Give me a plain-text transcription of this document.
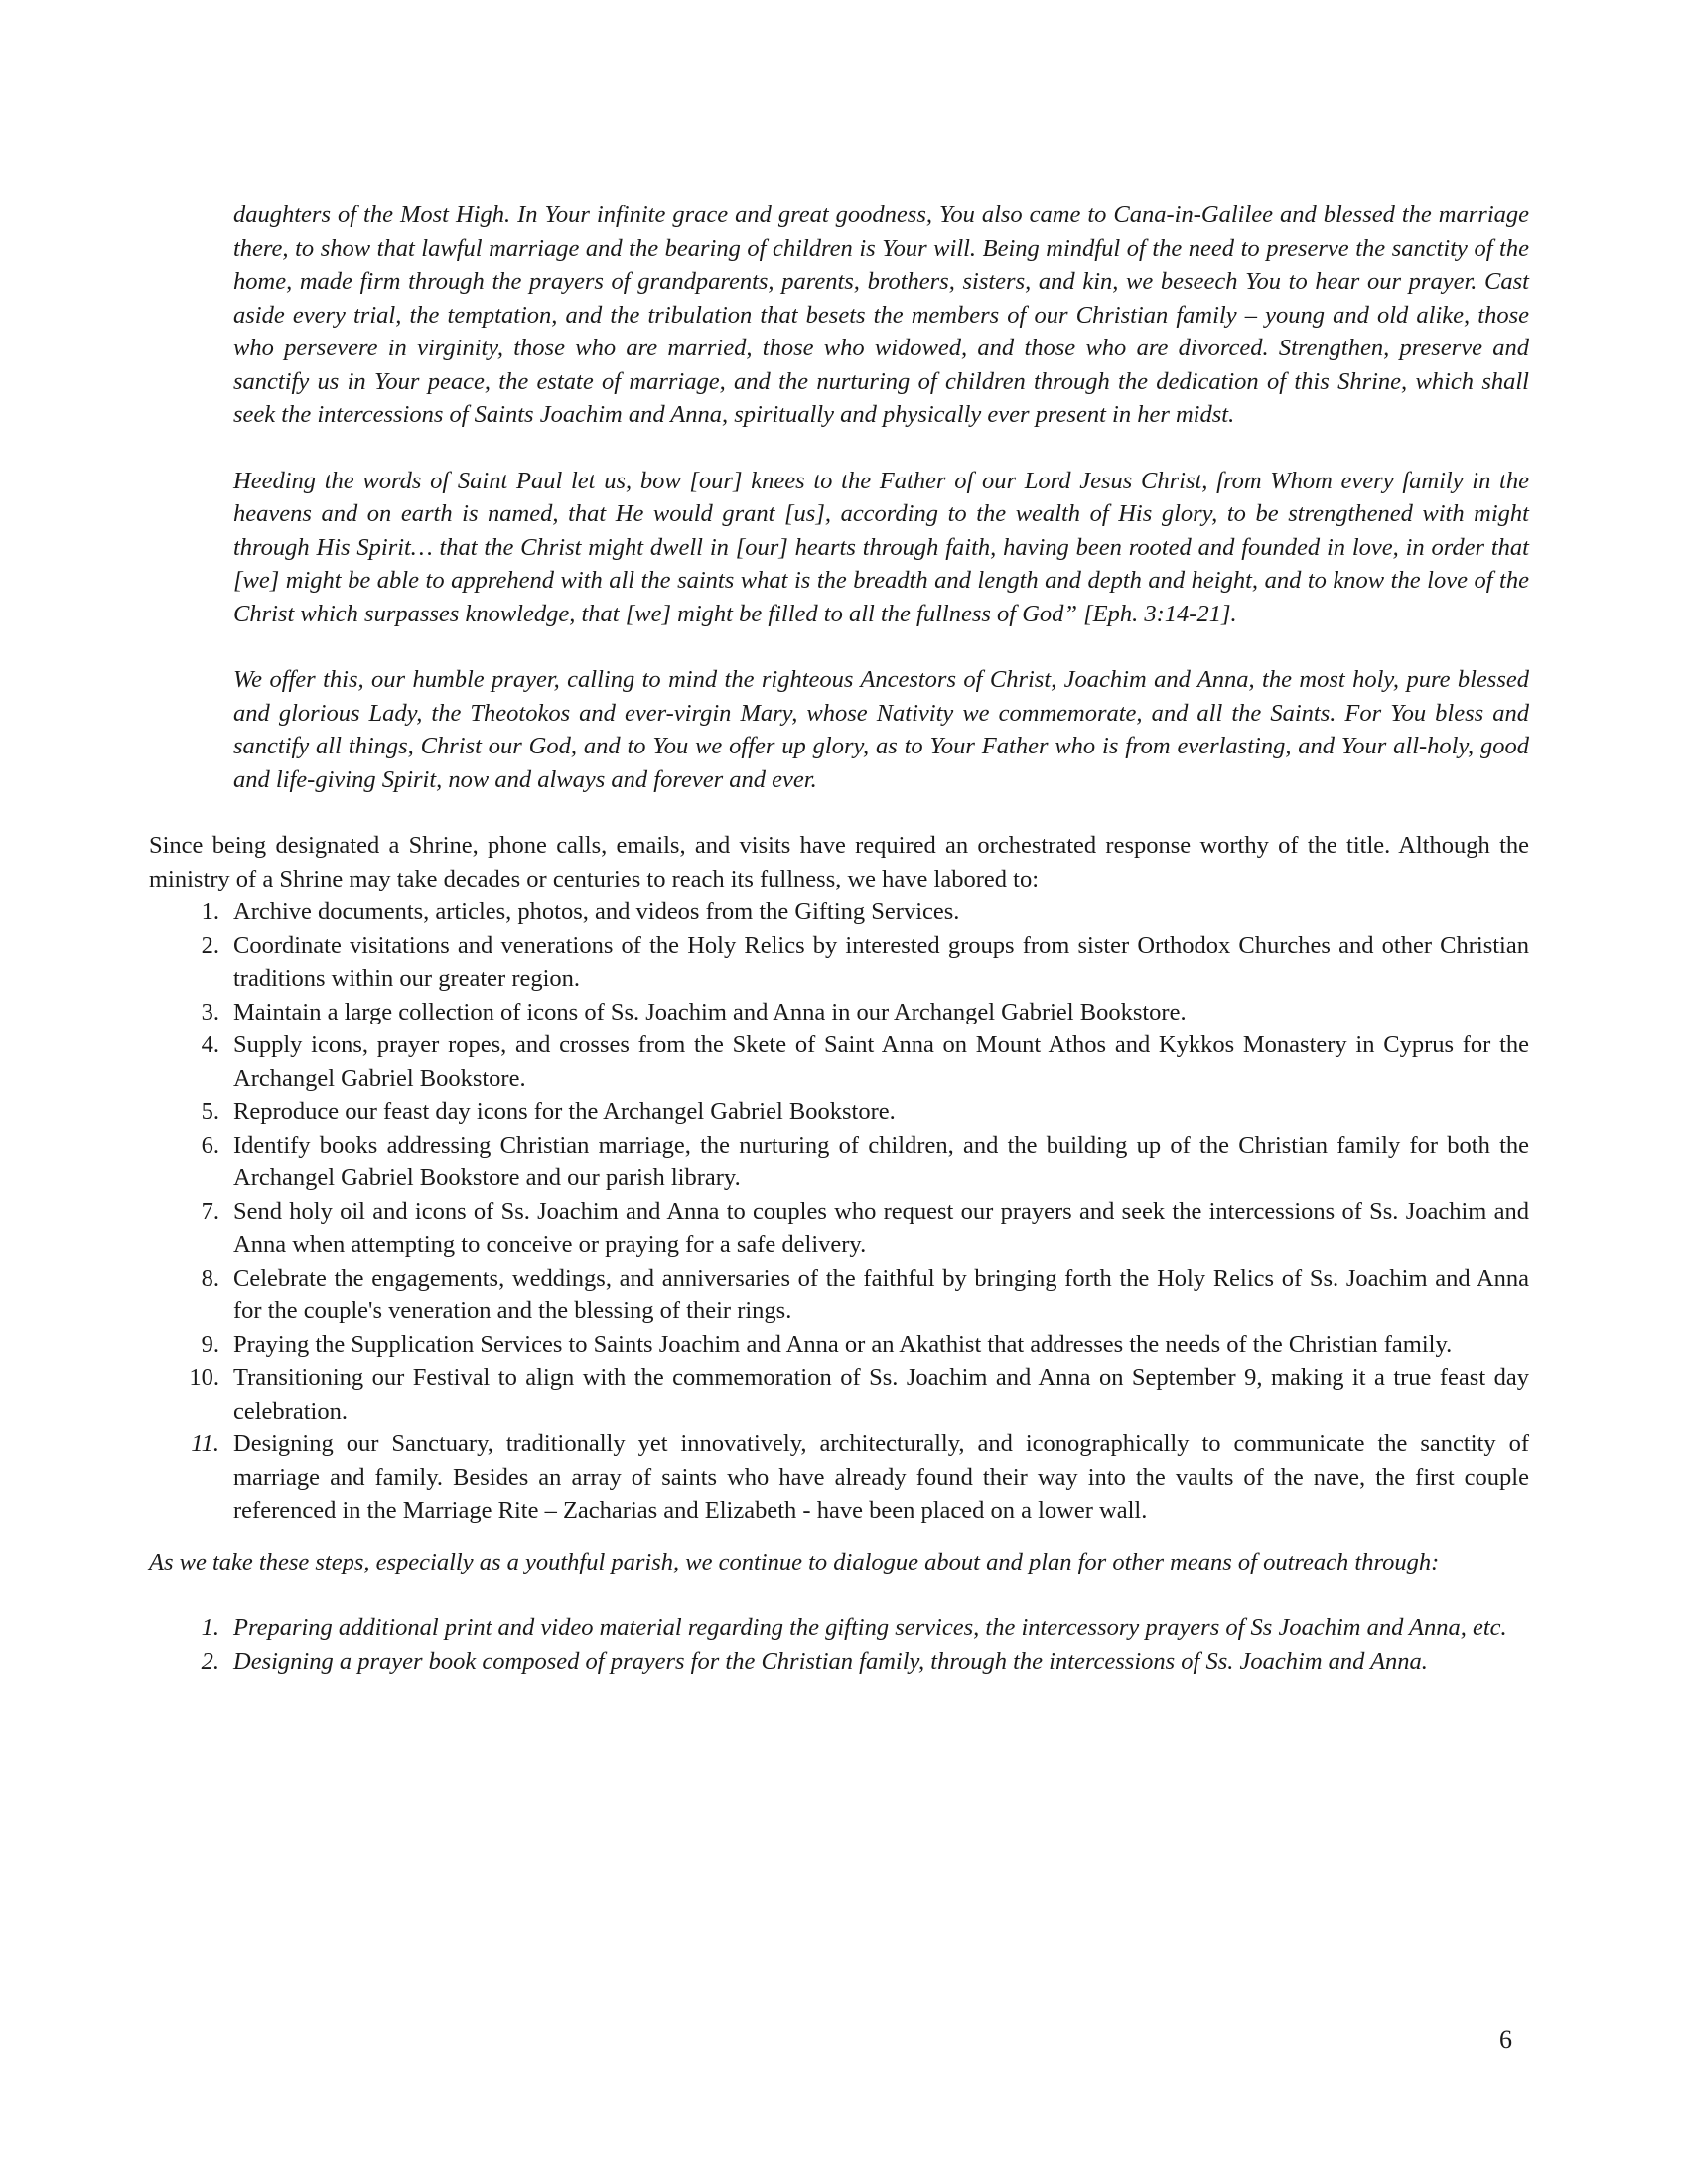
daughters of the Most High. In Your infinite grace and great goodness, You also came to Cana-in-Galilee and blessed the marriage there, to show that lawful marriage and the bearing of children is Your will. Being mindful of the need to preserve the sanctity of the home, made firm through the prayers of grandparents, parents, brothers, sisters, and kin, we beseech You to hear our prayer. Cast aside every trial, the temptation, and the tribulation that besets the members of our Christian family – young and old alike, those who persevere in virginity, those who are married, those who widowed, and those who are divorced. Strengthen, preserve and sanctify us in Your peace, the estate of marriage, and the nurturing of children through the dedication of this Shrine, which shall seek the intercessions of Saints Joachim and Anna, spiritually and physically ever present in her midst.

Heeding the words of Saint Paul let us, bow [our] knees to the Father of our Lord Jesus Christ, from Whom every family in the heavens and on earth is named, that He would grant [us], according to the wealth of His glory, to be strengthened with might through His Spirit… that the Christ might dwell in [our] hearts through faith, having been rooted and founded in love, in order that [we] might be able to apprehend with all the saints what is the breadth and length and depth and height, and to know the love of the Christ which surpasses knowledge, that [we] might be filled to all the fullness of God” [Eph. 3:14-21].

We offer this, our humble prayer, calling to mind the righteous Ancestors of Christ, Joachim and Anna, the most holy, pure blessed and glorious Lady, the Theotokos and ever-virgin Mary, whose Nativity we commemorate, and all the Saints. For You bless and sanctify all things, Christ our God, and to You we offer up glory, as to Your Father who is from everlasting, and Your all-holy, good and life-giving Spirit, now and always and forever and ever.

Since being designated a Shrine, phone calls, emails, and visits have required an orchestrated response worthy of the title. Although the ministry of a Shrine may take decades or centuries to reach its fullness, we have labored to:

1. Archive documents, articles, photos, and videos from the Gifting Services.
2. Coordinate visitations and venerations of the Holy Relics by interested groups from sister Orthodox Churches and other Christian traditions within our greater region.
3. Maintain a large collection of icons of Ss. Joachim and Anna in our Archangel Gabriel Bookstore.
4. Supply icons, prayer ropes, and crosses from the Skete of Saint Anna on Mount Athos and Kykkos Monastery in Cyprus for the Archangel Gabriel Bookstore.
5. Reproduce our feast day icons for the Archangel Gabriel Bookstore.
6. Identify books addressing Christian marriage, the nurturing of children, and the building up of the Christian family for both the Archangel Gabriel Bookstore and our parish library.
7. Send holy oil and icons of Ss. Joachim and Anna to couples who request our prayers and seek the intercessions of Ss. Joachim and Anna when attempting to conceive or praying for a safe delivery.
8. Celebrate the engagements, weddings, and anniversaries of the faithful by bringing forth the Holy Relics of Ss. Joachim and Anna for the couple's veneration and the blessing of their rings.
9. Praying the Supplication Services to Saints Joachim and Anna or an Akathist that addresses the needs of the Christian family.
10. Transitioning our Festival to align with the commemoration of Ss. Joachim and Anna on September 9, making it a true feast day celebration.
11. Designing our Sanctuary, traditionally yet innovatively, architecturally, and iconographically to communicate the sanctity of marriage and family. Besides an array of saints who have already found their way into the vaults of the nave, the first couple referenced in the Marriage Rite – Zacharias and Elizabeth - have been placed on a lower wall.

As we take these steps, especially as a youthful parish, we continue to dialogue about and plan for other means of outreach through:

1. Preparing additional print and video material regarding the gifting services, the intercessory prayers of Ss Joachim and Anna, etc.
2. Designing a prayer book composed of prayers for the Christian family, through the intercessions of Ss. Joachim and Anna.
6
